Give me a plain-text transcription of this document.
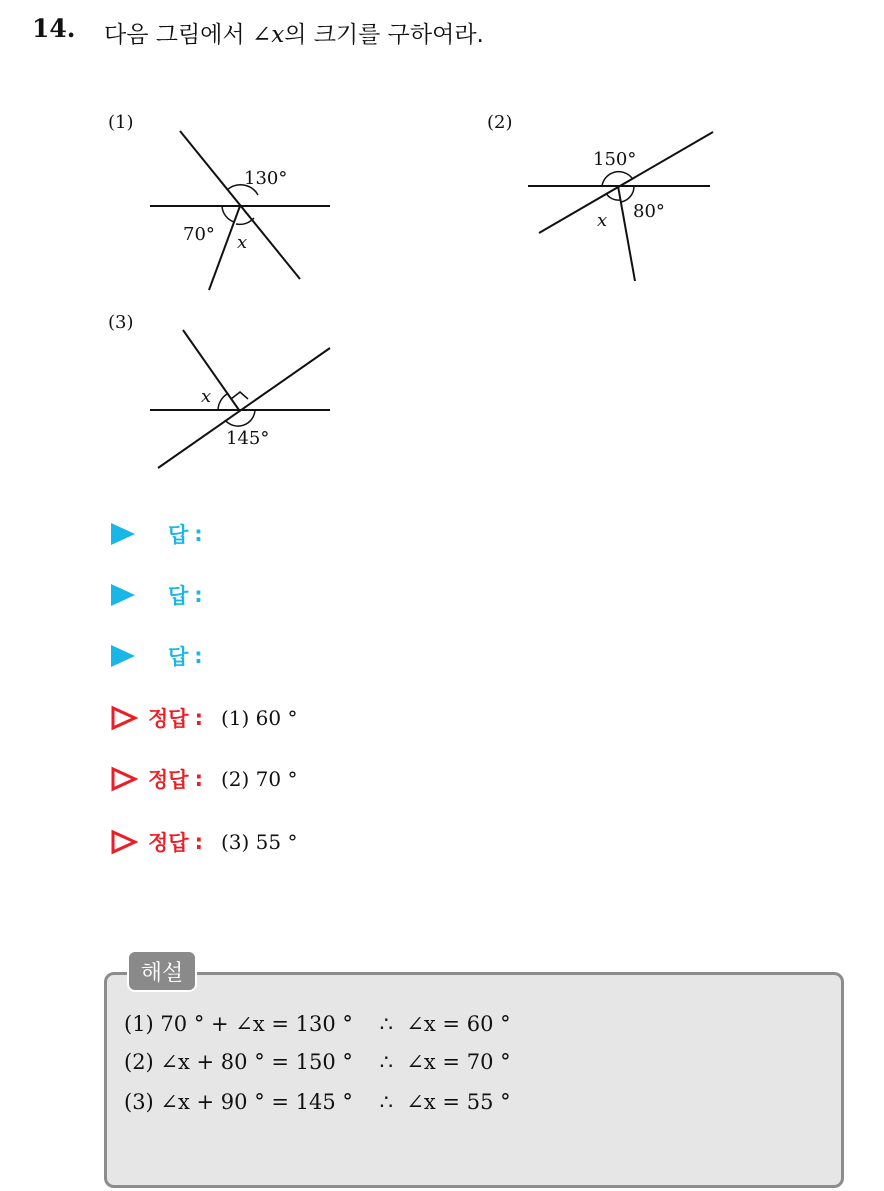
14. 다음 그림에서 ∠x의 크기를 구하여라.
(1)
130°
70° x
(2)
150°
80°
x
(3)
x
145°
답 :
답 :
답 :
정답 : (1) 60 °
정답 : (2) 70 °
정답 : (3) 55 °
해설
(1) 70 ° + ∠x = 130 °    ∴  ∠x = 60 °
(2) ∠x + 80 ° = 150 °    ∴  ∠x = 70 °
(3) ∠x + 90 ° = 145 °    ∴  ∠x = 55 °
